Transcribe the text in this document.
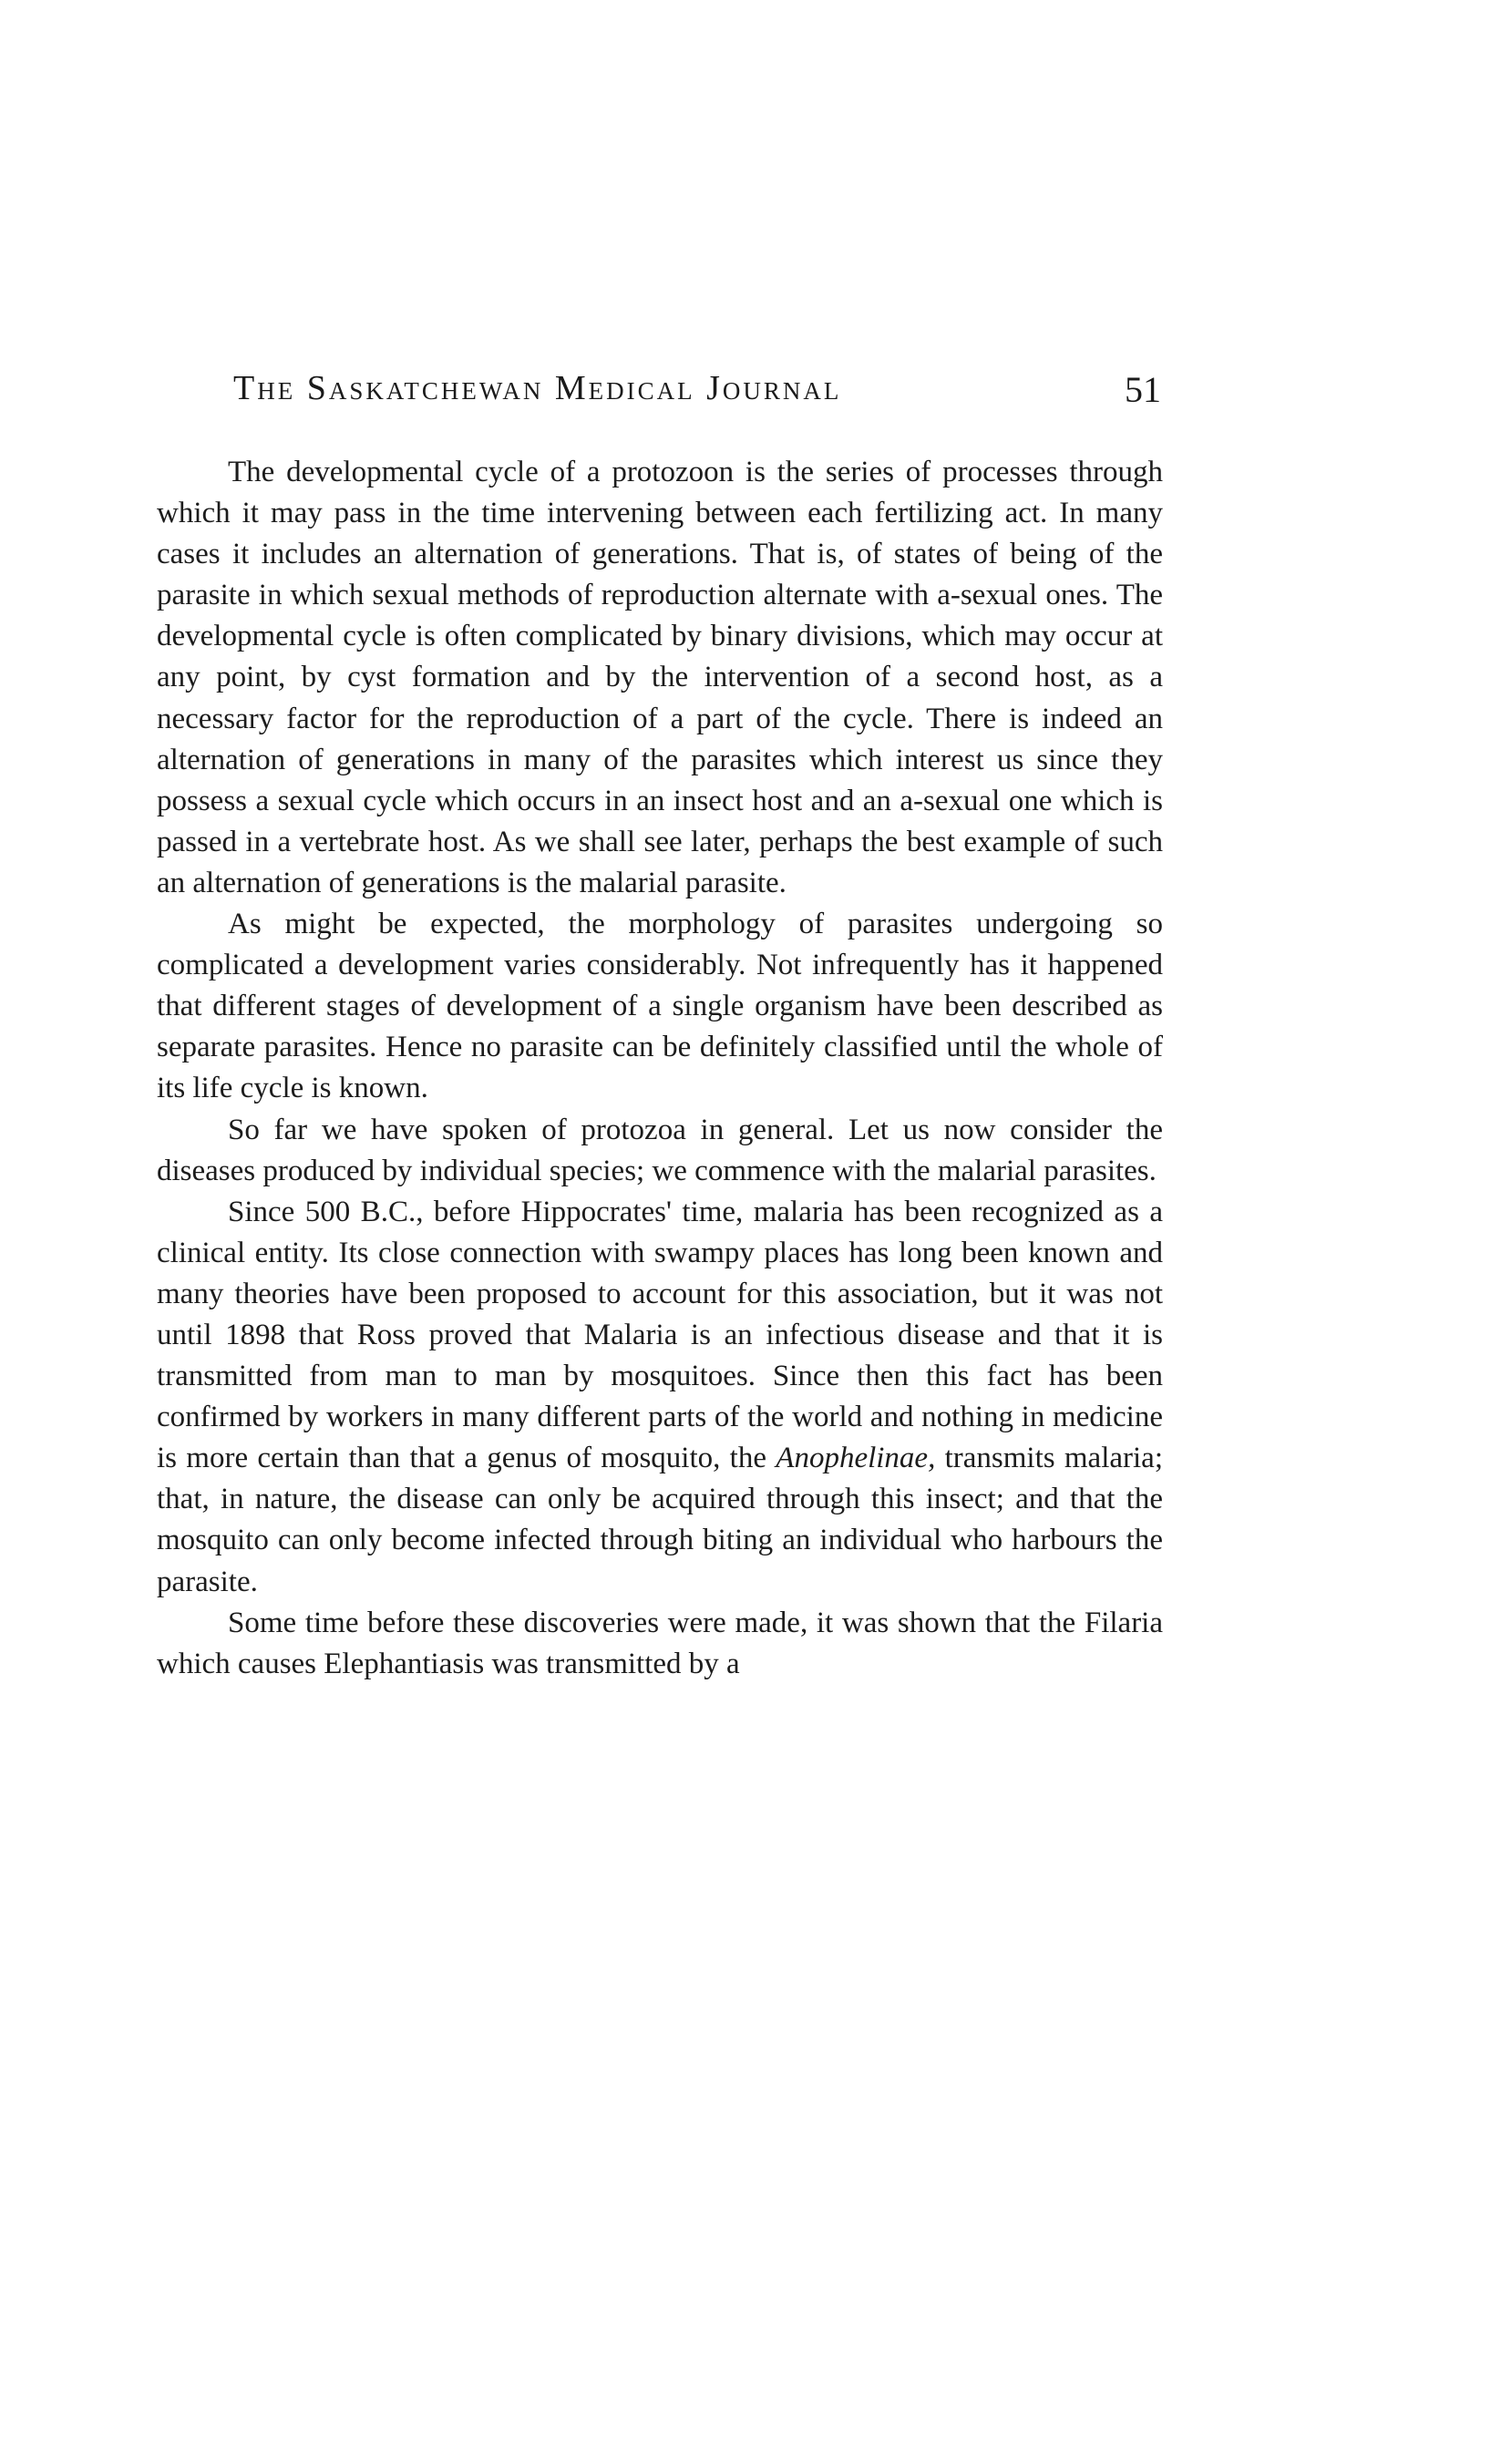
The Saskatchewan Medical Journal	51

The developmental cycle of a protozoon is the series of processes through which it may pass in the time intervening between each fertilizing act. In many cases it includes an alternation of generations. That is, of states of being of the parasite in which sexual methods of reproduction alternate with a-sexual ones. The developmental cycle is often complicated by binary divisions, which may occur at any point, by cyst formation and by the intervention of a second host, as a necessary factor for the reproduction of a part of the cycle. There is indeed an alternation of generations in many of the parasites which interest us since they possess a sexual cycle which occurs in an insect host and an a-sexual one which is passed in a vertebrate host. As we shall see later, perhaps the best example of such an alternation of generations is the malarial parasite.

As might be expected, the morphology of parasites undergoing so complicated a development varies considerably. Not infrequently has it happened that different stages of development of a single organism have been described as separate parasites. Hence no parasite can be definitely classified until the whole of its life cycle is known.

So far we have spoken of protozoa in general. Let us now consider the diseases produced by individual species; we commence with the malarial parasites.

Since 500 B.C., before Hippocrates' time, malaria has been recognized as a clinical entity. Its close connection with swampy places has long been known and many theories have been proposed to account for this association, but it was not until 1898 that Ross proved that Malaria is an infectious disease and that it is transmitted from man to man by mosquitoes. Since then this fact has been confirmed by workers in many different parts of the world and nothing in medicine is more certain than that a genus of mosquito, the Anophelinae, transmits malaria; that, in nature, the disease can only be acquired through this insect; and that the mosquito can only become infected through biting an individual who harbours the parasite.

Some time before these discoveries were made, it was shown that the Filaria which causes Elephantiasis was transmitted by a
